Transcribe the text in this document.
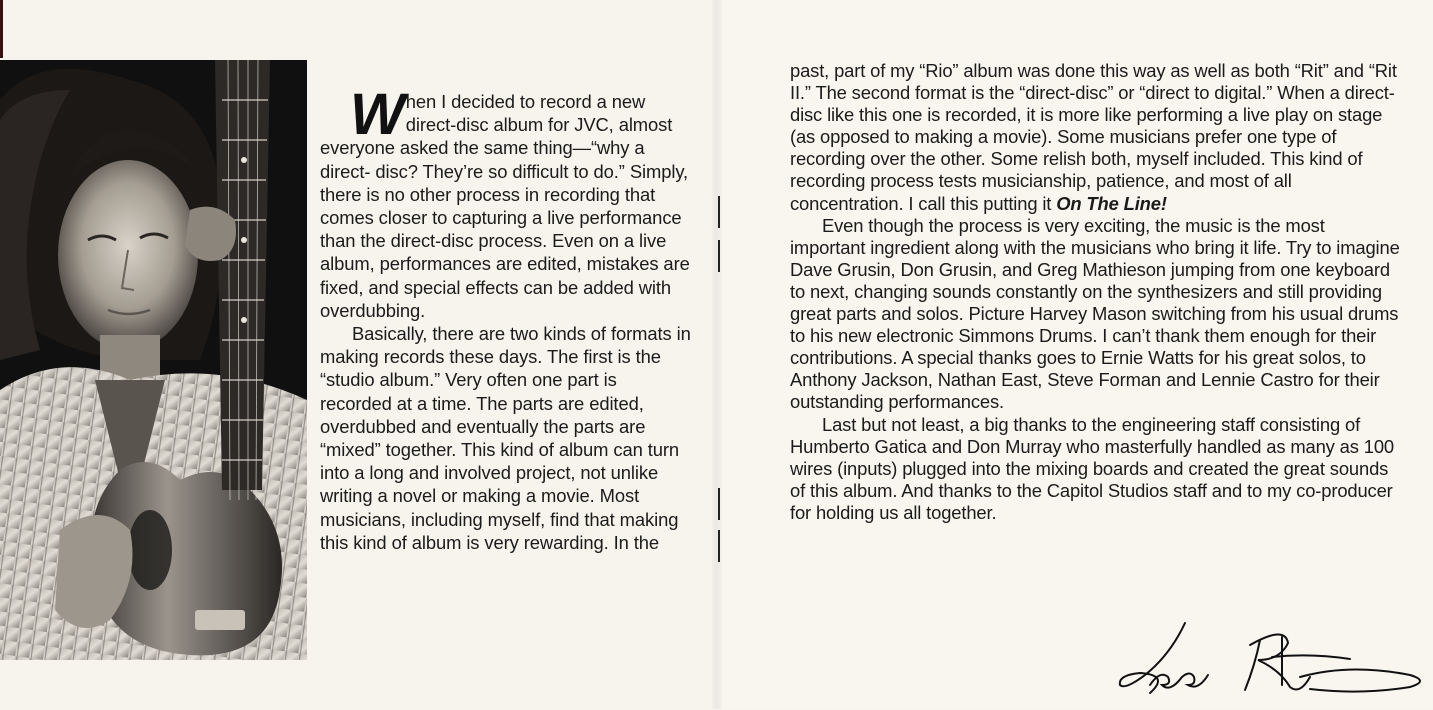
When I decided to record a new direct-disc album for JVC, almost everyone asked the same thing—“why a direct- disc? They’re so difficult to do.” Simply, there is no other process in recording that comes closer to capturing a live performance than the direct-disc process. Even on a live album, performances are edited, mistakes are fixed, and special effects can be added with overdubbing.

Basically, there are two kinds of formats in making records these days. The first is the “studio album.” Very often one part is recorded at a time. The parts are edited, overdubbed and eventually the parts are “mixed” together. This kind of album can turn into a long and involved project, not unlike writing a novel or making a movie. Most musicians, including myself, find that making this kind of album is very rewarding. In the

past, part of my “Rio” album was done this way as well as both “Rit” and “Rit II.” The second format is the “direct-disc” or “direct to digital.” When a direct-disc like this one is recorded, it is more like performing a live play on stage (as opposed to making a movie). Some musicians prefer one type of recording over the other. Some relish both, myself included. This kind of recording process tests musicianship, patience, and most of all concentration. I call this putting it On The Line!

Even though the process is very exciting, the music is the most important ingredient along with the musicians who bring it life. Try to imagine Dave Grusin, Don Grusin, and Greg Mathieson jumping from one keyboard to next, changing sounds constantly on the synthesizers and still providing great parts and solos. Picture Harvey Mason switching from his usual drums to his new electronic Simmons Drums. I can’t thank them enough for their contributions. A special thanks goes to Ernie Watts for his great solos, to Anthony Jackson, Nathan East, Steve Forman and Lennie Castro for their outstanding performances.

Last but not least, a big thanks to the engineering staff consisting of Humberto Gatica and Don Murray who masterfully handled as many as 100 wires (inputs) plugged into the mixing boards and created the great sounds of this album. And thanks to the Capitol Studios staff and to my co-producer for holding us all together.
